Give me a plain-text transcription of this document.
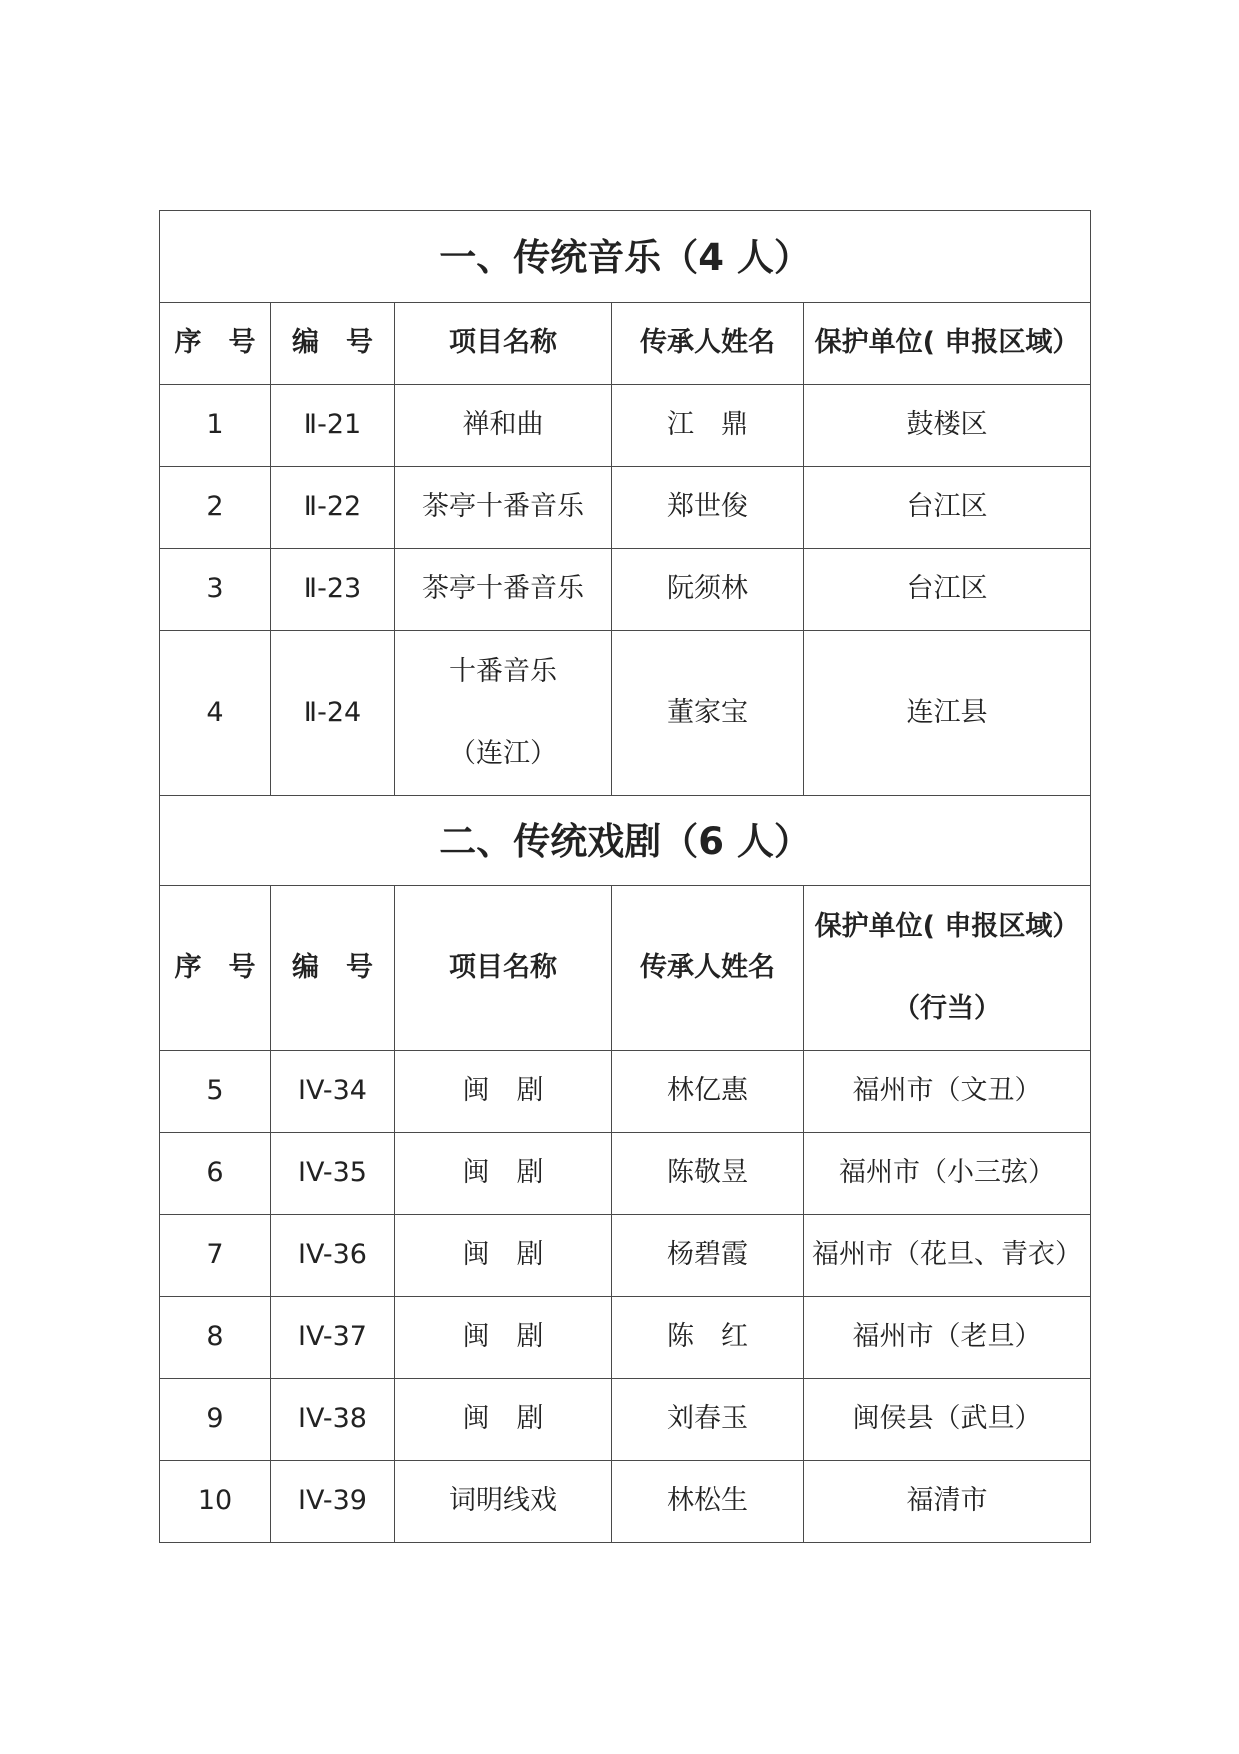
一、传统音乐（4 人）				
序　号	编　号	项目名称	传承人姓名	保护单位( 申报区域）
1	Ⅱ-21	禅和曲	江　鼎	鼓楼区
2	Ⅱ-22	茶亭十番音乐	郑世俊	台江区
3	Ⅱ-23	茶亭十番音乐	阮须林	台江区
4	Ⅱ-24	十番音乐 （连江）	董家宝	连江县
二、传统戏剧（6 人）				
序　号	编　号	项目名称	传承人姓名	保护单位( 申报区域） （行当）
5	IV-34	闽　剧	林亿惠	福州市（文丑）
6	IV-35	闽　剧	陈敬昱	福州市（小三弦）
7	IV-36	闽　剧	杨碧霞	福州市（花旦、青衣）
8	IV-37	闽　剧	陈　红	福州市（老旦）
9	IV-38	闽　剧	刘春玉	闽侯县（武旦）
10	IV-39	词明线戏	林松生	福清市
